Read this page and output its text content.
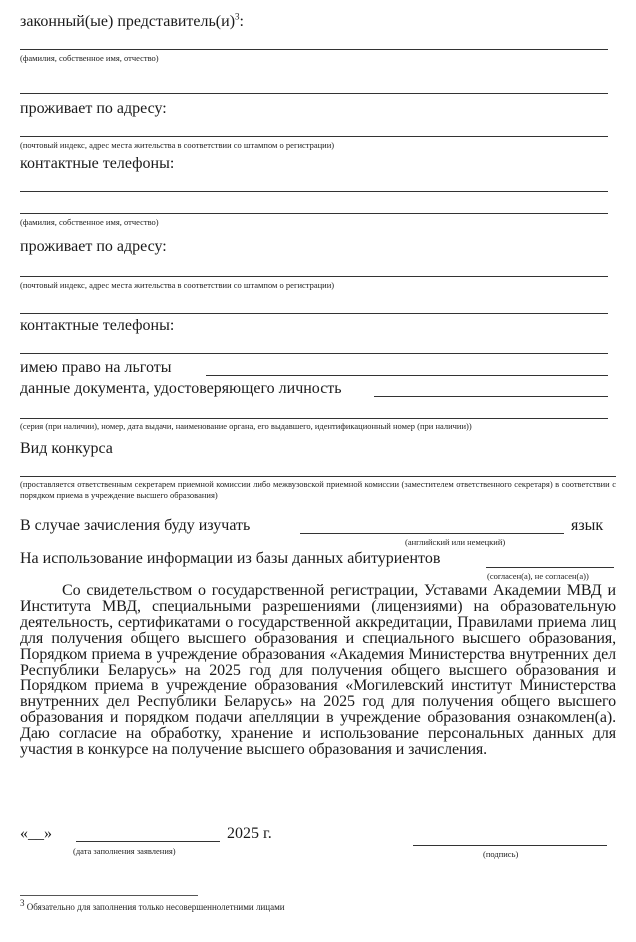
законный(ые) $представитель(и)^3$:
(фамилия, собственное имя, отчество)
проживает по адресу:
(почтовый индекс, адрес места жительства в соответствии со штампом о регистрации)
контактные телефоны:
(фамилия, собственное имя, отчество)
проживает по адресу:
(почтовый индекс, адрес места жительства в соответствии со штампом о регистрации)
контактные телефоны:
имею право на льготы
данные документа, удостоверяющего личность
(серия (при наличии), номер, дата выдачи, наименование органа, его выдавшего, идентификационный номер (при наличии))
Вид конкурса
(проставляется ответственным секретарем приемной комиссии либо межвузовской приемной комиссии (заместителем ответственного секретаря) в соответствии с порядком приема в учреждение высшего образования)
В случае зачисления буду изучать	язык
(английский или немецкий)
На использование информации из базы данных абитуриентов
(согласен(а), не согласен(а))
Со свидетельством о государственной регистрации, Уставами Академии МВД и Института МВД, специальными разрешениями (лицензиями) на образовательную деятельность, сертификатами о государственной аккредитации, Правилами приема лиц для получения общего высшего образования и специального высшего образования, Порядком приема в учреждение образования «Академия Министерства внутренних дел Республики Беларусь» на 2025 год для получения общего высшего образования и Порядком приема в учреждение образования «Могилевский институт Министерства внутренних дел Республики Беларусь» на 2025 год для получения общего высшего образования и порядком подачи апелляции в учреждение образования ознакомлен(а). Даю согласие на обработку, хранение и использование персональных данных для участия в конкурсе на получение высшего образования и зачисления.
«__»	2025 г.
(дата заполнения заявления)	(подпись)
$^3$ Обязательно для заполнения только несовершеннолетними лицами
